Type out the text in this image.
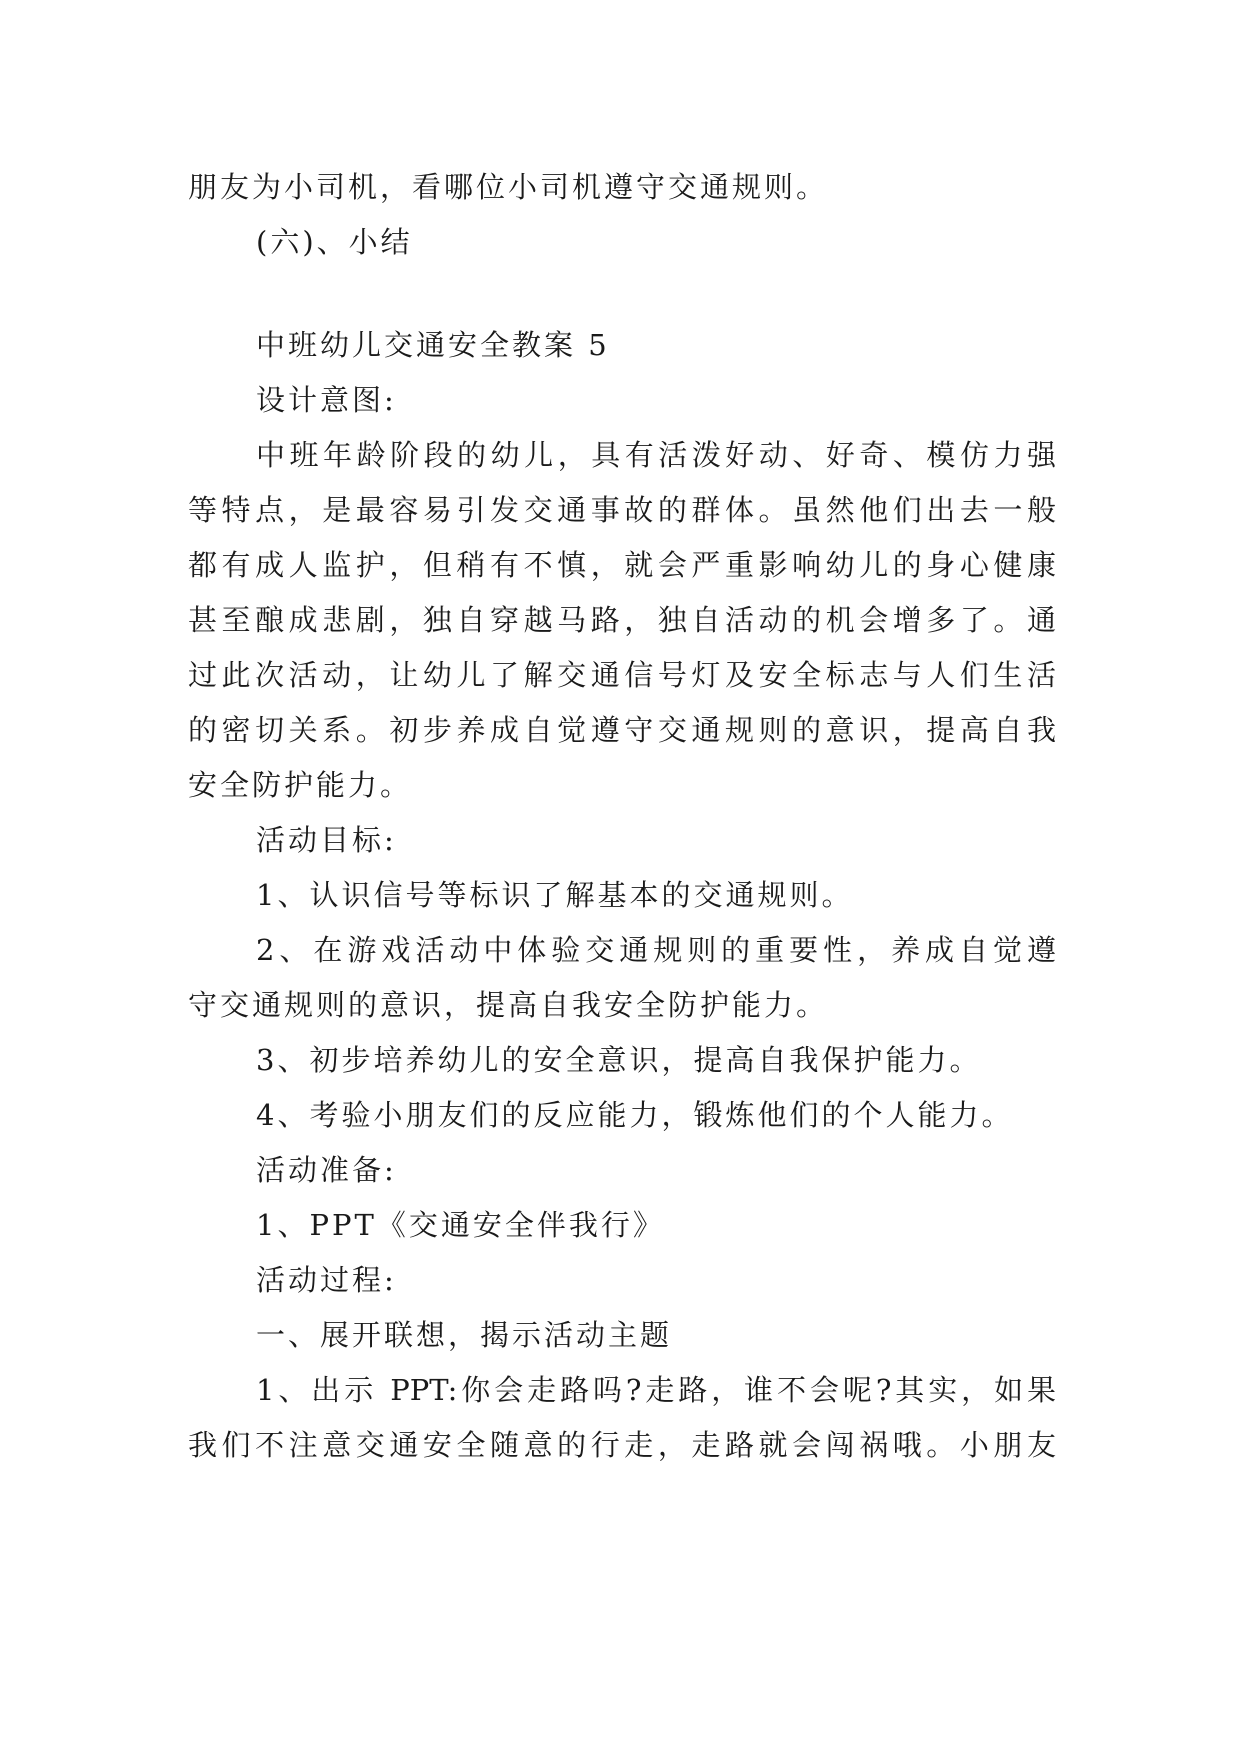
朋友为小司机，看哪位小司机遵守交通规则。
(六)、小结
中班幼儿交通安全教案 5
设计意图:
中班年龄阶段的幼儿，具有活泼好动、好奇、模仿力强
等特点，是最容易引发交通事故的群体。虽然他们出去一般
都有成人监护，但稍有不慎，就会严重影响幼儿的身心健康
甚至酿成悲剧，独自穿越马路，独自活动的机会增多了。通
过此次活动，让幼儿了解交通信号灯及安全标志与人们生活
的密切关系。初步养成自觉遵守交通规则的意识，提高自我
安全防护能力。
活动目标:
1、认识信号等标识了解基本的交通规则。
2、在游戏活动中体验交通规则的重要性，养成自觉遵
守交通规则的意识，提高自我安全防护能力。
3、初步培养幼儿的安全意识，提高自我保护能力。
4、考验小朋友们的反应能力，锻炼他们的个人能力。
活动准备:
1、PPT《交通安全伴我行》
活动过程:
一、展开联想，揭示活动主题
1、出示 PPT:你会走路吗?走路，谁不会呢?其实，如果
我们不注意交通安全随意的行走，走路就会闯祸哦。小朋友
